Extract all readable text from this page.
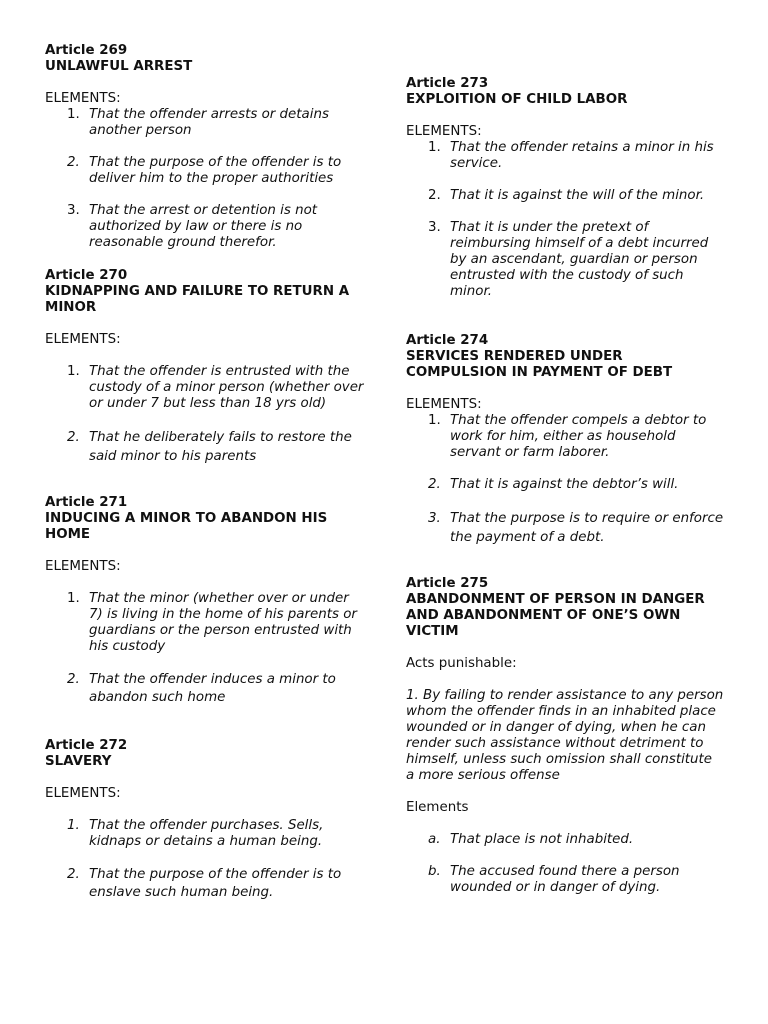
Article 269
UNLAWFUL ARREST
ELEMENTS:
1. That the offender arrests or detains another person
2. That the purpose of the offender is to deliver him to the proper authorities
3. That the arrest or detention is not authorized by law or there is no reasonable ground therefor.
Article 270
KIDNAPPING AND FAILURE TO RETURN A MINOR
ELEMENTS:
1. That the offender is entrusted with the custody of a minor person (whether over or under 7 but less than 18 yrs old)
2. That he deliberately fails to restore the said minor to his parents
Article 271
INDUCING A MINOR TO ABANDON HIS HOME
ELEMENTS:
1. That the minor (whether over or under 7) is living in the home of his parents or guardians or the person entrusted with his custody
2. That the offender induces a minor to abandon such home
Article 272
SLAVERY
ELEMENTS:
1. That the offender purchases. Sells, kidnaps or detains a human being.
2. That the purpose of the offender is to enslave such human being.
Article 273
EXPLOITION OF CHILD LABOR
ELEMENTS:
1. That the offender retains a minor in his service.
2. That it is against the will of the minor.
3. That it is under the pretext of reimbursing himself of a debt incurred by an ascendant, guardian or person entrusted with the custody of such minor.
Article 274
SERVICES RENDERED UNDER COMPULSION IN PAYMENT OF DEBT
ELEMENTS:
1. That the offender compels a debtor to work for him, either as household servant or farm laborer.
2. That it is against the debtor’s will.
3. That the purpose is to require or enforce the payment of a debt.
Article 275
ABANDONMENT OF PERSON IN DANGER AND ABANDONMENT OF ONE’S OWN VICTIM
Acts punishable:
1. By failing to render assistance to any person whom the offender finds in an inhabited place wounded or in danger of dying, when he can render such assistance without detriment to himself, unless such omission shall constitute
a more serious offense
Elements
a. That place is not inhabited.
b. The accused found there a person wounded or in danger of dying.
